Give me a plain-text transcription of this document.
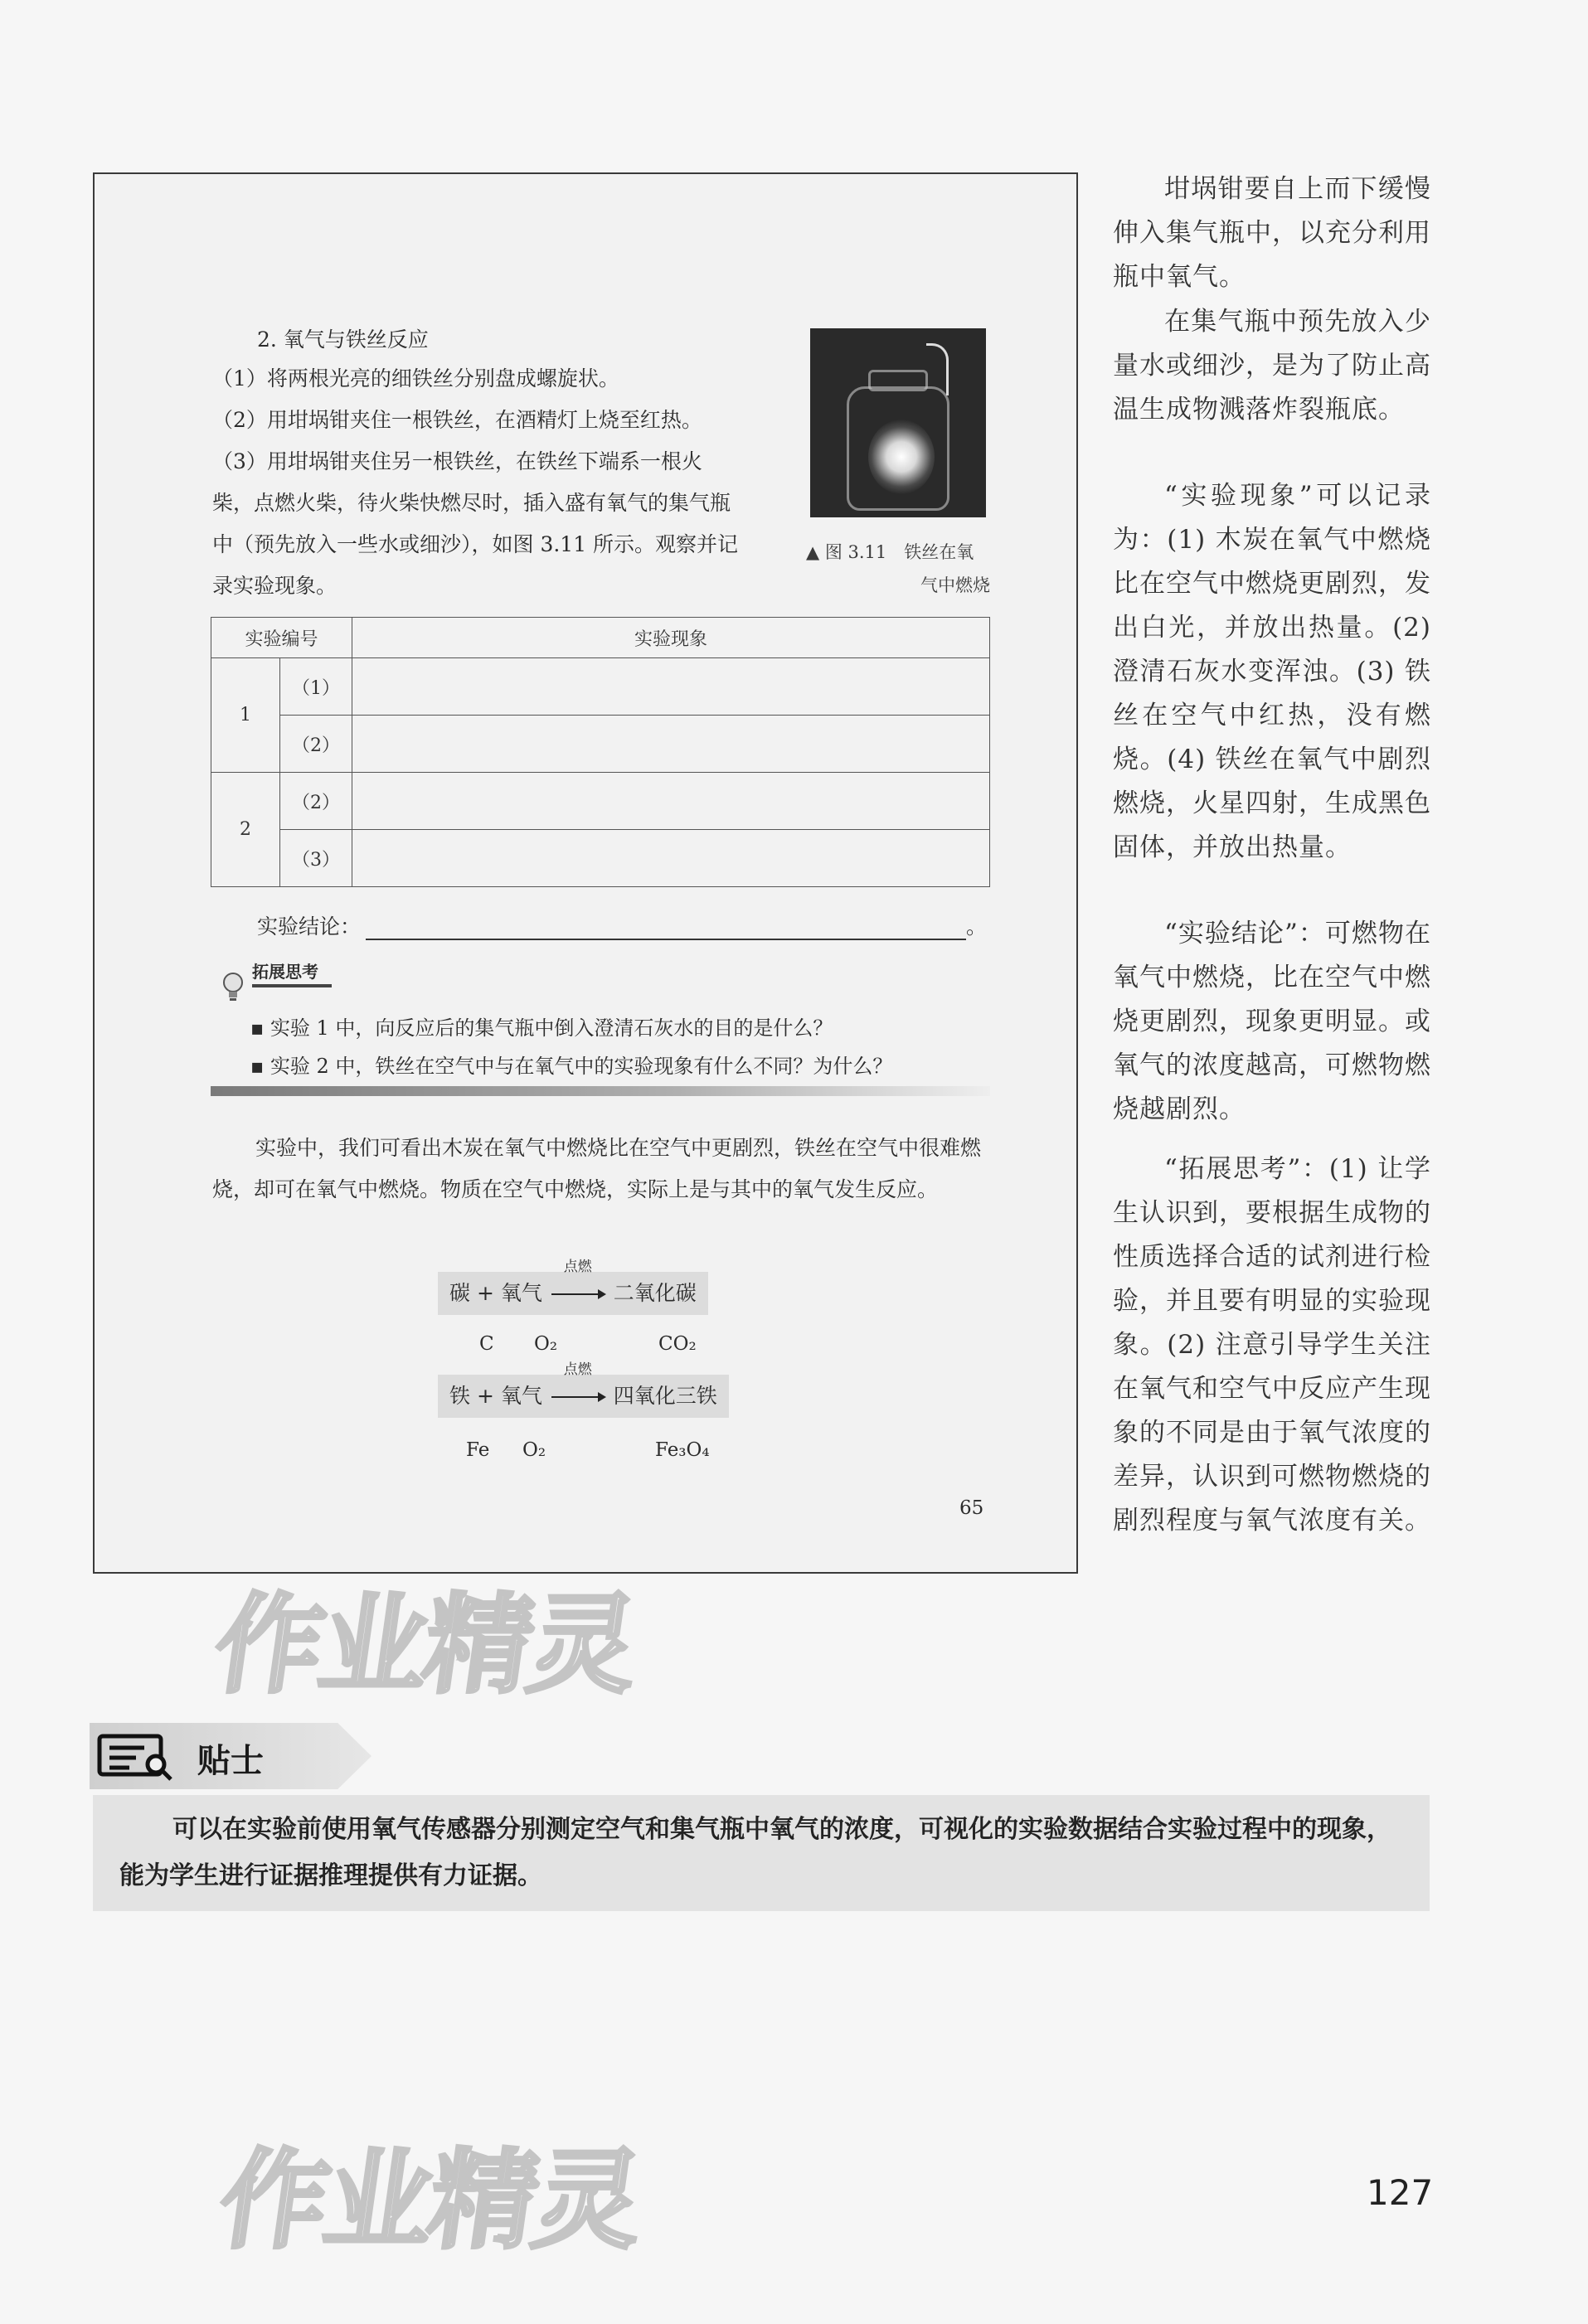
2. 氧气与铁丝反应
（1）将两根光亮的细铁丝分别盘成螺旋状。
（2）用坩埚钳夹住一根铁丝，在酒精灯上烧至红热。
（3）用坩埚钳夹住另一根铁丝，在铁丝下端系一根火
柴，点燃火柴，待火柴快燃尽时，插入盛有氧气的集气瓶
中（预先放入一些水或细沙），如图 3.11 所示。观察并记
录实验现象。
▲ 图 3.11　铁丝在氧
气中燃烧
实验编号		实验现象
1	（1）	
	（2）	
2	（2）	
	（3）	
实验结论：	。
拓展思考
▪ 实验 1 中，向反应后的集气瓶中倒入澄清石灰水的目的是什么？
▪ 实验 2 中，铁丝在空气中与在氧气中的实验现象有什么不同？为什么？
实验中，我们可看出木炭在氧气中燃烧比在空气中更剧烈，铁丝在空气中很难燃烧，却可在氧气中燃烧。物质在空气中燃烧，实际上是与其中的氧气发生反应。
碳 + 氧气
点燃
二氧化碳
C O₂	CO₂
铁 + 氧气
点燃
四氧化三铁
Fe O₂	Fe₃O₄
65
坩埚钳要自上而下缓慢伸入集气瓶中，以充分利用瓶中氧气。
在集气瓶中预先放入少量水或细沙，是为了防止高温生成物溅落炸裂瓶底。
“实验现象”可以记录为：(1) 木炭在氧气中燃烧比在空气中燃烧更剧烈，发出白光，并放出热量。(2) 澄清石灰水变浑浊。(3) 铁丝在空气中红热，没有燃烧。(4) 铁丝在氧气中剧烈燃烧，火星四射，生成黑色固体，并放出热量。
“实验结论”：可燃物在氧气中燃烧，比在空气中燃烧更剧烈，现象更明显。或氧气的浓度越高，可燃物燃烧越剧烈。
“拓展思考”：(1) 让学生认识到，要根据生成物的性质选择合适的试剂进行检验，并且要有明显的实验现象。(2) 注意引导学生关注在氧气和空气中反应产生现象的不同是由于氧气浓度的差异，认识到可燃物燃烧的剧烈程度与氧气浓度有关。
作业精灵
作业精灵
贴士

可以在实验前使用氧气传感器分别测定空气和集气瓶中氧气的浓度，可视化的实验数据结合实验过程中的现象，能为学生进行证据推理提供有力证据。

127
